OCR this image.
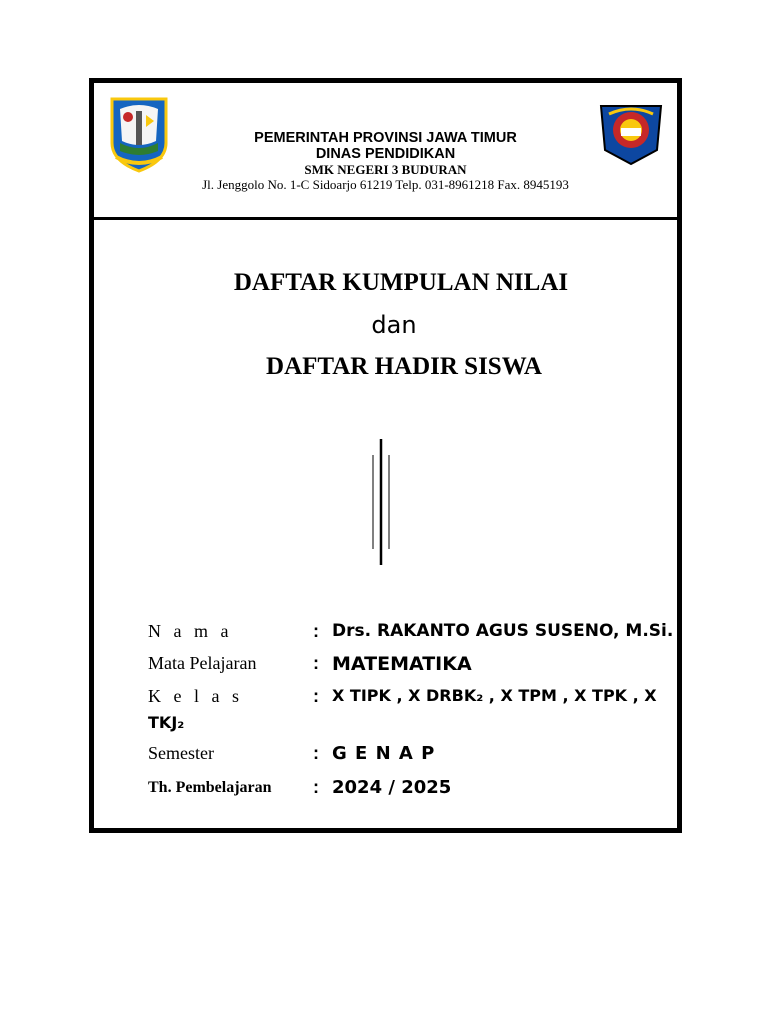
PEMERINTAH PROVINSI JAWA TIMUR
DINAS PENDIDIKAN
SMK NEGERI 3 BUDURAN
Jl. Jenggolo No. 1-C Sidoarjo 61219 Telp. 031-8961218 Fax. 8945193
DAFTAR KUMPULAN NILAI
dan
DAFTAR HADIR SISWA
N a m a	: Drs. RAKANTO AGUS SUSENO, M.Si.
Mata Pelajaran	: MATEMATIKA
K e l a s	: X TIPK , X DRBK₂ , X TPM , X TPK , X
TKJ₂
Semester	: G E N A P
Th. Pembelajaran : 2024 / 2025
